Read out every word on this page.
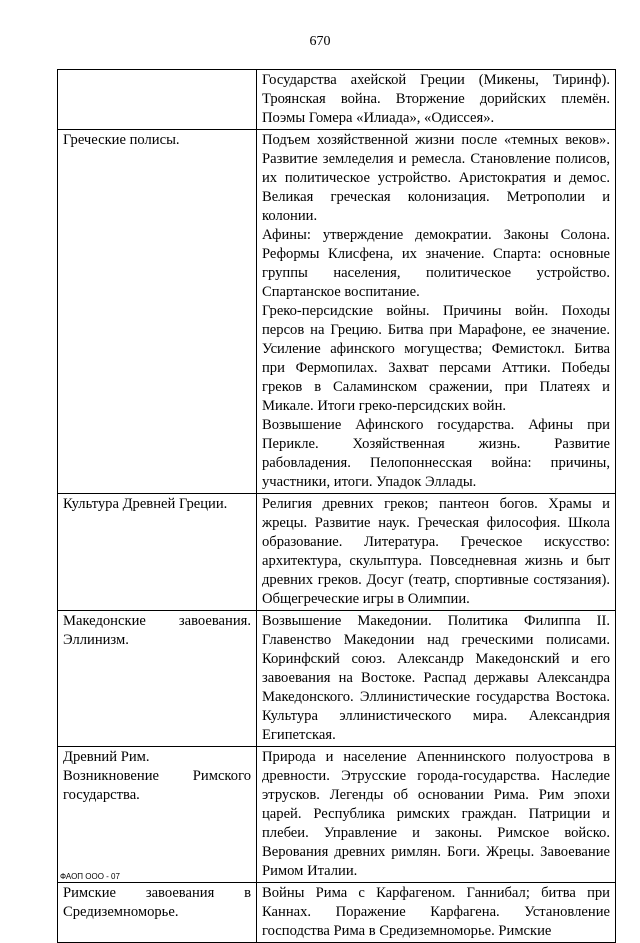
670

	Государства ахейской Греции (Микены, Тиринф). Троянская война. Вторжение дорийских племён. Поэмы Гомера «Илиада», «Одиссея».

Греческие полисы.	Подъем хозяйственной жизни после «темных веков». Развитие земледелия и ремесла. Становление полисов, их политическое устройство. Аристократия и демос. Великая греческая колонизация. Метрополии и колонии.
Афины: утверждение демократии. Законы Солона. Реформы Клисфена, их значение. Спарта: основные группы населения, политическое устройство. Спартанское воспитание.
Греко-персидские войны. Причины войн. Походы персов на Грецию. Битва при Марафоне, ее значение. Усиление афинского могущества; Фемистокл. Битва при Фермопилах. Захват персами Аттики. Победы греков в Саламинском сражении, при Платеях и Микале. Итоги греко-персидских войн.
Возвышение Афинского государства. Афины при Перикле. Хозяйственная жизнь. Развитие рабовладения. Пелопоннесская война: причины, участники, итоги. Упадок Эллады.

Культура Древней Греции.	Религия древних греков; пантеон богов. Храмы и жрецы. Развитие наук. Греческая философия. Школа образование. Литература. Греческое искусство: архитектура, скульптура. Повседневная жизнь и быт древних греков. Досуг (театр, спортивные состязания). Общегреческие игры в Олимпии.

Македонские завоевания. Эллинизм.	Возвышение Македонии. Политика Филиппа II. Главенство Македонии над греческими полисами. Коринфский союз. Александр Македонский и его завоевания на Востоке. Распад державы Александра Македонского. Эллинистические государства Востока. Культура эллинистического мира. Александрия Египетская.

Древний Рим.
Возникновение Римского государства.	Природа и население Апеннинского полуострова в древности. Этрусские города-государства. Наследие этрусков. Легенды об основании Рима. Рим эпохи царей. Республика римских граждан. Патриции и плебеи. Управление и законы. Римское войско. Верования древних римлян. Боги. Жрецы. Завоевание Римом Италии.

Римские завоевания в Средиземноморье.	Войны Рима с Карфагеном. Ганнибал; битва при Каннах. Поражение Карфагена. Установление господства Рима в Средиземноморье. Римские
ФАОП ООО - 07
